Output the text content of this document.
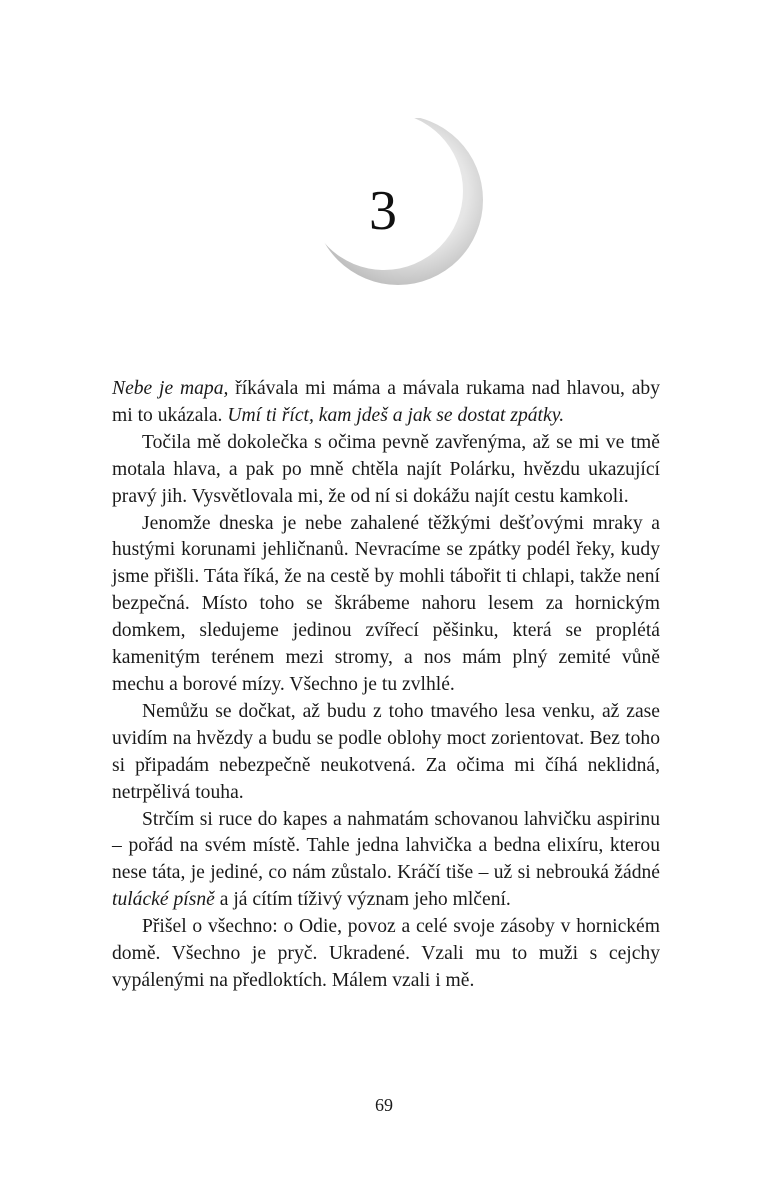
3

Nebe je mapa, říkávala mi máma a mávala rukama nad hlavou, aby mi to ukázala. Umí ti říct, kam jdeš a jak se dostat zpátky.

Točila mě dokolečka s očima pevně zavřenýma, až se mi ve tmě motala hlava, a pak po mně chtěla najít Polárku, hvězdu ukazující pravý jih. Vysvětlovala mi, že od ní si dokážu najít cestu kamkoli.

Jenomže dneska je nebe zahalené těžkými dešťovými mraky a hustými korunami jehličnanů. Nevracíme se zpátky podél řeky, kudy jsme přišli. Táta říká, že na cestě by mohli tábořit ti chlapi, takže není bezpečná. Místo toho se škrábeme nahoru lesem za hornickým domkem, sledujeme jedinou zvířecí pěšinku, která se proplétá kamenitým terénem mezi stromy, a nos mám plný zemité vůně mechu a borové mízy. Všechno je tu zvlhlé.

Nemůžu se dočkat, až budu z toho tmavého lesa venku, až zase uvidím na hvězdy a budu se podle oblohy moct zorientovat. Bez toho si připadám nebezpečně neukotvená. Za očima mi číhá neklidná, netrpělivá touha.

Strčím si ruce do kapes a nahmatám schovanou lahvičku aspirinu – pořád na svém místě. Tahle jedna lahvička a bedna elixíru, kterou nese táta, je jediné, co nám zůstalo. Kráčí tiše – už si nebrouká žádné tulácké písně a já cítím tíživý význam jeho mlčení.

Přišel o všechno: o Odie, povoz a celé svoje zásoby v hornickém domě. Všechno je pryč. Ukradené. Vzali mu to muži s cejchy vypálenými na předloktích. Málem vzali i mě.

69
